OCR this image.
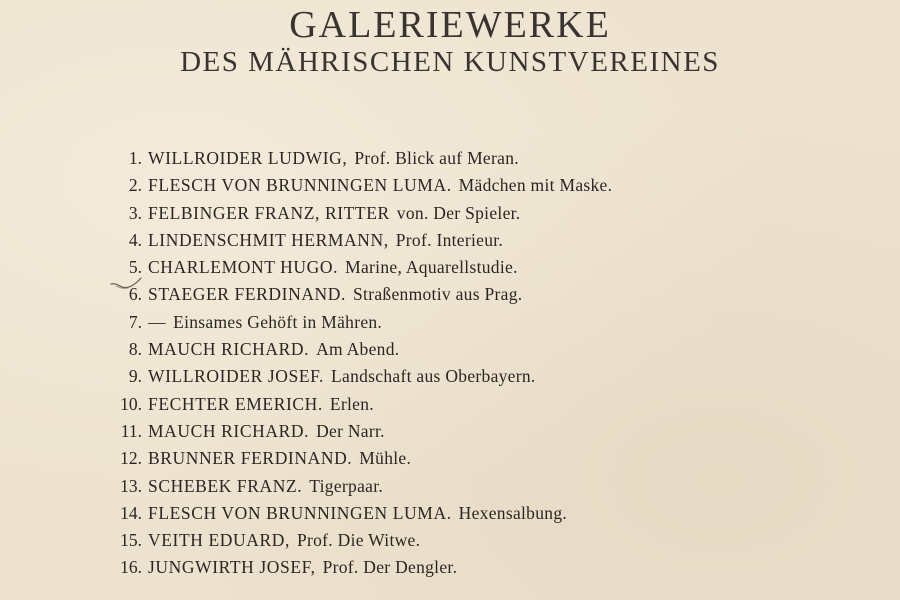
GALERIEWERKE
DES MÄHRISCHEN KUNSTVEREINES
1. WILLROIDER LUDWIG, Prof. Blick auf Meran.
2. FLESCH VON BRUNNINGEN LUMA. Mädchen mit Maske.
3. FELBINGER FRANZ, RITTER von. Der Spieler.
4. LINDENSCHMIT HERMANN, Prof. Interieur.
5. CHARLEMONT HUGO. Marine, Aquarellstudie.
6. STAEGER FERDINAND. Straßenmotiv aus Prag.
7. — Einsames Gehöft in Mähren.
8. MAUCH RICHARD. Am Abend.
9. WILLROIDER JOSEF. Landschaft aus Oberbayern.
10. FECHTER EMERICH. Erlen.
11. MAUCH RICHARD. Der Narr.
12. BRUNNER FERDINAND. Mühle.
13. SCHEBEK FRANZ. Tigerpaar.
14. FLESCH VON BRUNNINGEN LUMA. Hexensalbung.
15. VEITH EDUARD, Prof. Die Witwe.
16. JUNGWIRTH JOSEF, Prof. Der Dengler.
